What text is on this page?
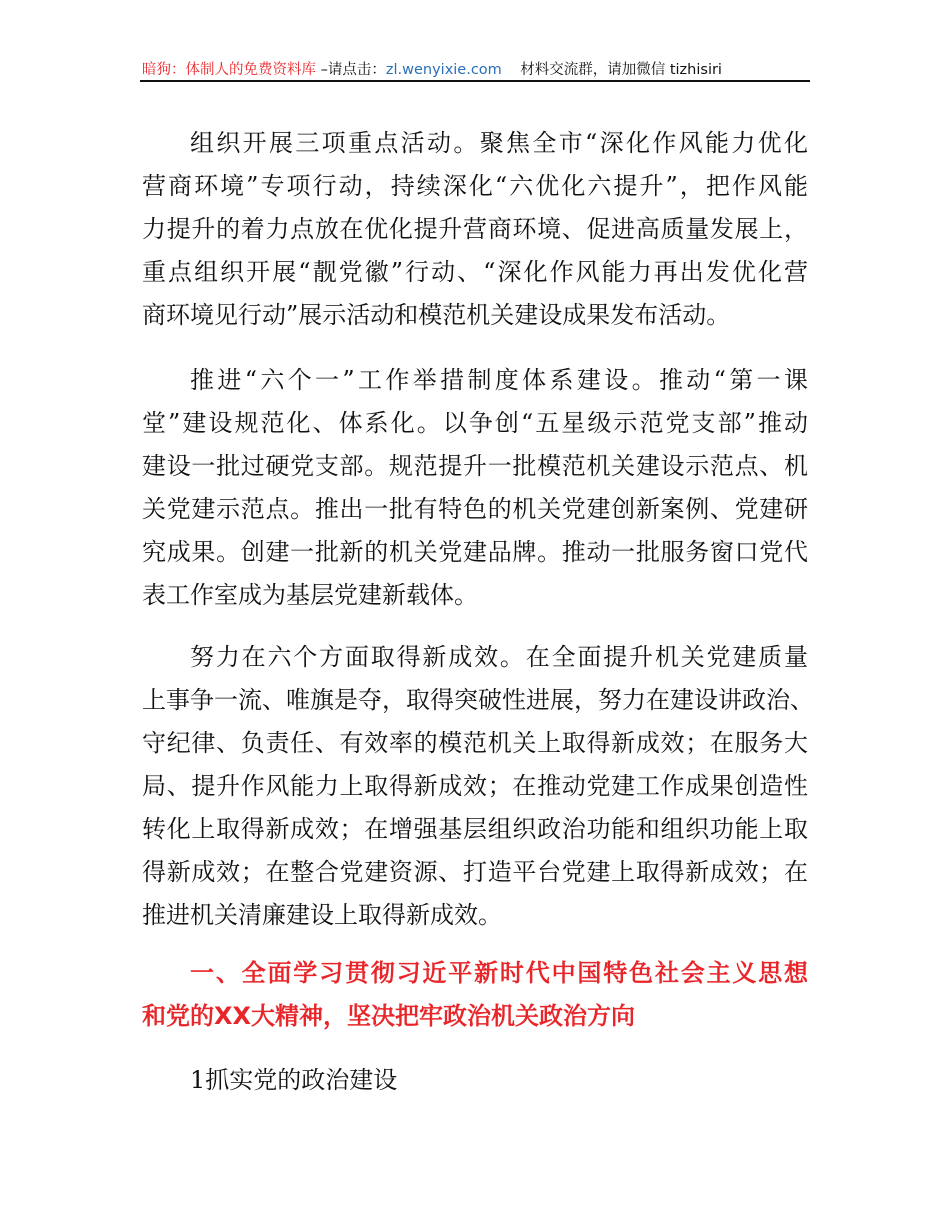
暗狗：体制人的免费资料库 –请点击：zl.wenyixie.com    材料交流群，请加微信 tizhisiri
组织开展三项重点活动。聚焦全市“深化作风能力优化
营商环境”专项行动，持续深化“六优化六提升”，把作风能
力提升的着力点放在优化提升营商环境、促进高质量发展上，
重点组织开展“靓党徽”行动、“深化作风能力再出发优化营
商环境见行动”展示活动和模范机关建设成果发布活动。
推进“六个一”工作举措制度体系建设。推动“第一课
堂”建设规范化、体系化。以争创“五星级示范党支部”推动
建设一批过硬党支部。规范提升一批模范机关建设示范点、机
关党建示范点。推出一批有特色的机关党建创新案例、党建研
究成果。创建一批新的机关党建品牌。推动一批服务窗口党代
表工作室成为基层党建新载体。
努力在六个方面取得新成效。在全面提升机关党建质量
上事争一流、唯旗是夺，取得突破性进展，努力在建设讲政治、
守纪律、负责任、有效率的模范机关上取得新成效；在服务大
局、提升作风能力上取得新成效；在推动党建工作成果创造性
转化上取得新成效；在增强基层组织政治功能和组织功能上取
得新成效；在整合党建资源、打造平台党建上取得新成效；在
推进机关清廉建设上取得新成效。
一、全面学习贯彻习近平新时代中国特色社会主义思想
和党的XX大精神，坚决把牢政治机关政治方向
1抓实党的政治建设
